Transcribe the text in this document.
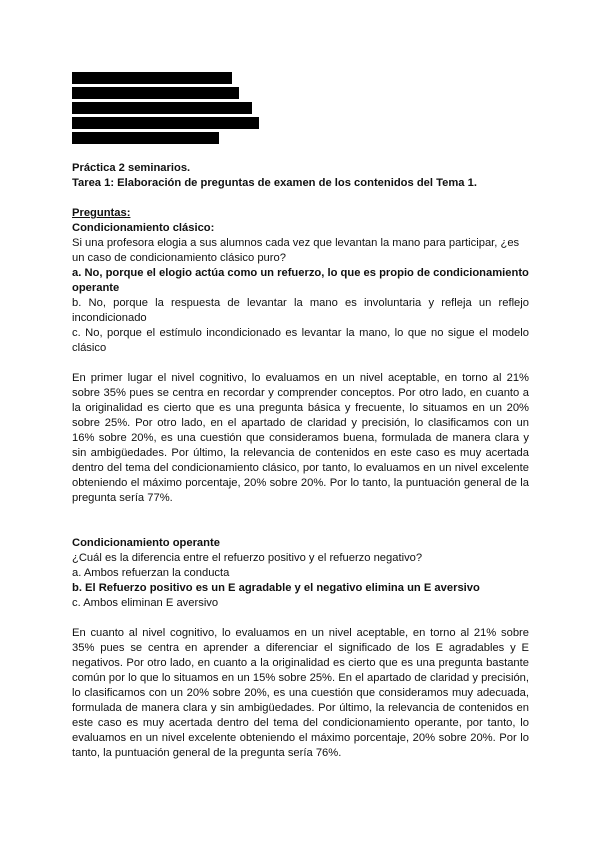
Práctica 2 seminarios.

Tarea 1: Elaboración de preguntas de examen de los contenidos del Tema 1.

Preguntas:

Condicionamiento clásico:

Si una profesora elogia a sus alumnos cada vez que levantan la mano para participar, ¿es un caso de condicionamiento clásico puro?

a. No, porque el elogio actúa como un refuerzo, lo que es propio de condicionamiento operante

b. No, porque la respuesta de levantar la mano es involuntaria y refleja un reflejo incondicionado

c. No, porque el estímulo incondicionado es levantar la mano, lo que no sigue el modelo clásico

En primer lugar el nivel cognitivo, lo evaluamos en un nivel aceptable, en torno al 21% sobre 35% pues se centra en recordar y comprender conceptos. Por otro lado, en cuanto a la originalidad es cierto que es una pregunta básica y frecuente, lo situamos en un 20% sobre 25%. Por otro lado, en el apartado de claridad y precisión, lo clasificamos con un 16% sobre 20%, es una cuestión que consideramos buena, formulada de manera clara y sin ambigüedades. Por último, la relevancia de contenidos en este caso es muy acertada dentro del tema del condicionamiento clásico, por tanto, lo evaluamos en un nivel excelente obteniendo el máximo porcentaje, 20% sobre 20%. Por lo tanto, la puntuación general de la pregunta sería 77%.

Condicionamiento operante

¿Cuál es la diferencia entre el refuerzo positivo y el refuerzo negativo?

a. Ambos refuerzan la conducta

b. El Refuerzo positivo es un E agradable y el negativo elimina un E aversivo

c. Ambos eliminan E aversivo

En cuanto al nivel cognitivo, lo evaluamos en un nivel aceptable, en torno al 21% sobre 35% pues se centra en aprender a diferenciar el significado de los E agradables y E negativos. Por otro lado, en cuanto a la originalidad es cierto que es una pregunta bastante común por lo que lo situamos en un 15% sobre 25%. En el apartado de claridad y precisión, lo clasificamos con un 20% sobre 20%, es una cuestión que consideramos muy adecuada, formulada de manera clara y sin ambigüedades. Por último, la relevancia de contenidos en este caso es muy acertada dentro del tema del condicionamiento operante, por tanto, lo evaluamos en un nivel excelente obteniendo el máximo porcentaje, 20% sobre 20%. Por lo tanto, la puntuación general de la pregunta sería 76%.
